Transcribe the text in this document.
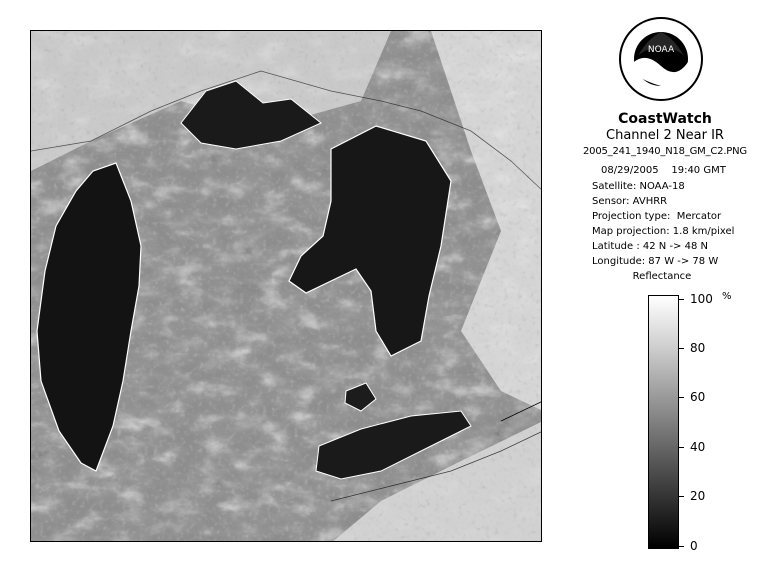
NOAA
CoastWatch
Channel 2 Near IR
2005_241_1940_N18_GM_C2.PNG
08/29/2005    19:40 GMT
Satellite: NOAA-18
Sensor: AVHRR
Projection type:  Mercator
Map projection: 1.8 km/pixel
Latitude : 42 N -> 48 N
Longitude: 87 W -> 78 W
Reflectance
%
100
80
60
40
20
0
